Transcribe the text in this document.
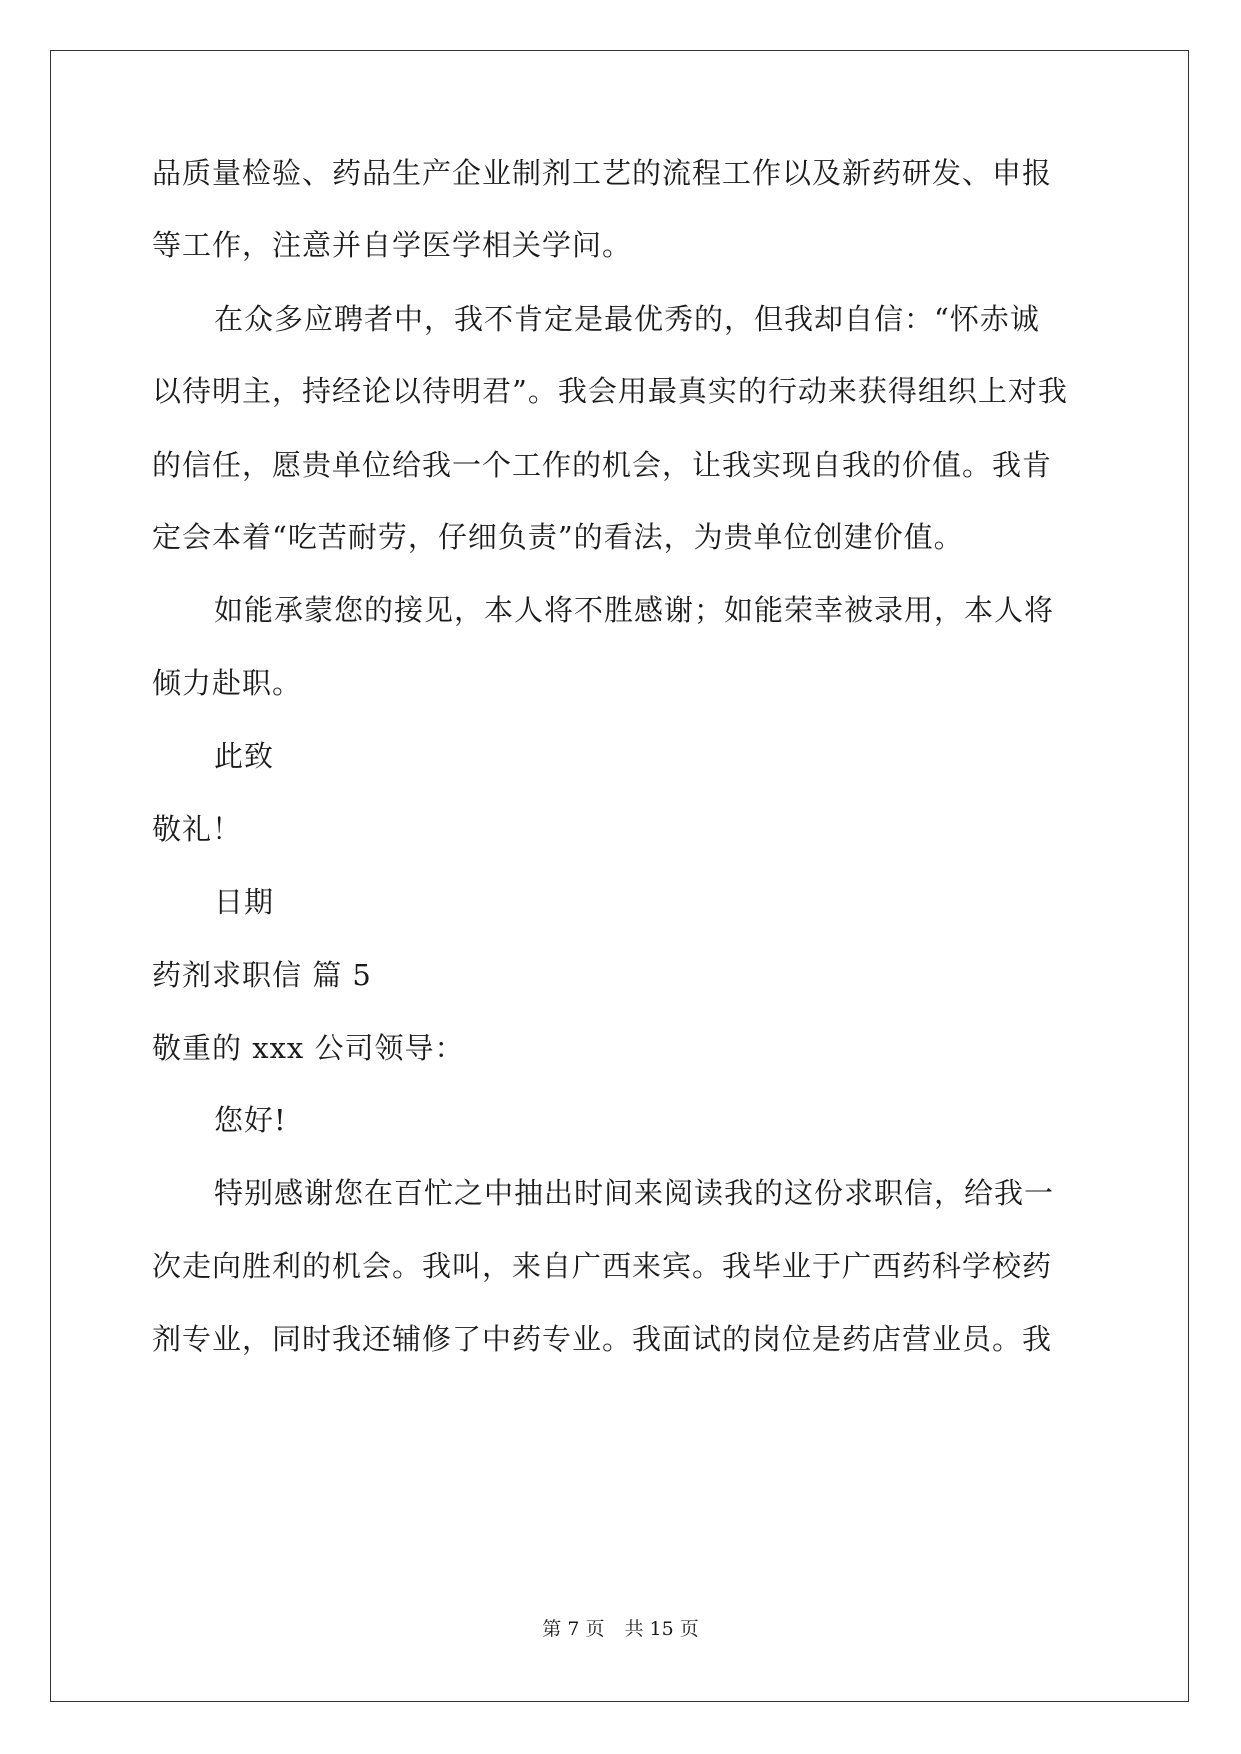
品质量检验、药品生产企业制剂工艺的流程工作以及新药研发、申报
等工作，注意并自学医学相关学问。
在众多应聘者中，我不肯定是最优秀的，但我却自信：“怀赤诚
以待明主，持经论以待明君”。我会用最真实的行动来获得组织上对我
的信任，愿贵单位给我一个工作的机会，让我实现自我的价值。我肯
定会本着“吃苦耐劳，仔细负责”的看法，为贵单位创建价值。
如能承蒙您的接见，本人将不胜感谢；如能荣幸被录用，本人将
倾力赴职。
此致
敬礼！
日期
药剂求职信 篇 5
敬重的 xxx 公司领导：
您好!
特别感谢您在百忙之中抽出时间来阅读我的这份求职信，给我一
次走向胜利的机会。我叫，来自广西来宾。我毕业于广西药科学校药
剂专业，同时我还辅修了中药专业。我面试的岗位是药店营业员。我
第 7 页 共 15 页
